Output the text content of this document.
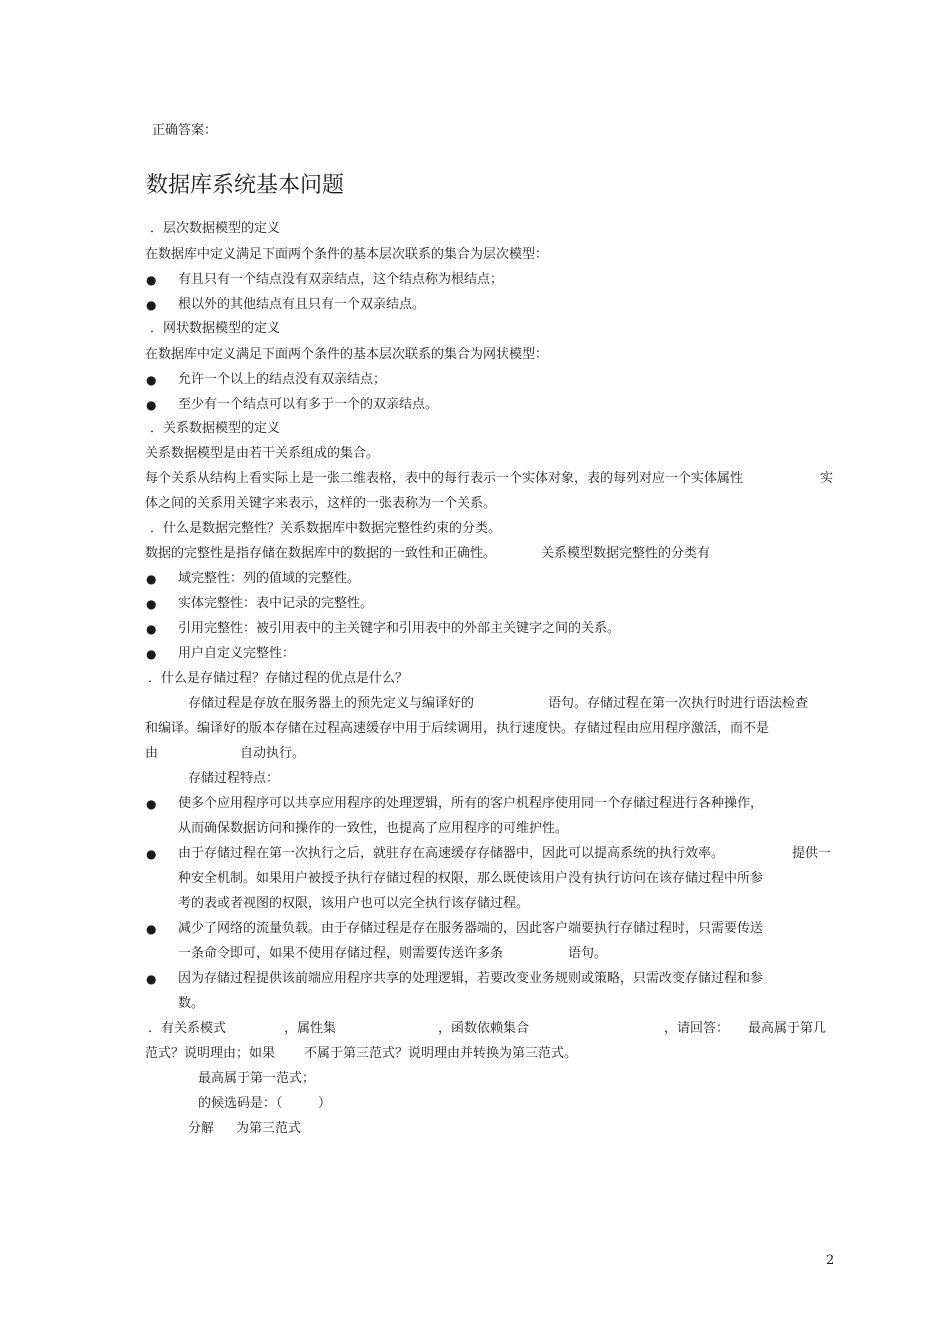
正确答案：
数据库系统基本问题
．层次数据模型的定义
在数据库中定义满足下面两个条件的基本层次联系的集合为层次模型：
● 有且只有一个结点没有双亲结点，这个结点称为根结点；
● 根以外的其他结点有且只有一个双亲结点。
．网状数据模型的定义
在数据库中定义满足下面两个条件的基本层次联系的集合为网状模型：
● 允许一个以上的结点没有双亲结点；
● 至少有一个结点可以有多于一个的双亲结点。
．关系数据模型的定义
关系数据模型是由若干关系组成的集合。
每个关系从结构上看实际上是一张二维表格，表中的每行表示一个实体对象，表的每列对应一个实体属性	实
体之间的关系用关键字来表示，这样的一张表称为一个关系。
．什么是数据完整性？关系数据库中数据完整性约束的分类。
数据的完整性是指存储在数据库中的数据的一致性和正确性。	关系模型数据完整性的分类有
● 域完整性：列的值域的完整性。
● 实体完整性：表中记录的完整性。
● 引用完整性：被引用表中的主关键字和引用表中的外部主关键字之间的关系。
● 用户自定义完整性：
．什么是存储过程？存储过程的优点是什么？
存储过程是存放在服务器上的预先定义与编译好的	语句。存储过程在第一次执行时进行语法检查
和编译。编译好的版本存储在过程高速缓存中用于后续调用，执行速度快。存储过程由应用程序激活，而不是
由	自动执行。
存储过程特点：
● 使多个应用程序可以共享应用程序的处理逻辑，所有的客户机程序使用同一个存储过程进行各种操作，
从而确保数据访问和操作的一致性，也提高了应用程序的可维护性。
● 由于存储过程在第一次执行之后，就驻存在高速缓存存储器中，因此可以提高系统的执行效率。	提供一
种安全机制。如果用户被授予执行存储过程的权限，那么既使该用户没有执行访问在该存储过程中所参
考的表或者视图的权限，该用户也可以完全执行该存储过程。
● 减少了网络的流量负载。由于存储过程是存在服务器端的，因此客户端要执行存储过程时，只需要传送
一条命令即可，如果不使用存储过程，则需要传送许多条	语句。
● 因为存储过程提供该前端应用程序共享的处理逻辑，若要改变业务规则或策略，只需改变存储过程和参
数。
．有关系模式	，属性集	，函数依赖集合	，请回答： 最高属于第几
范式？说明理由；如果 不属于第三范式？说明理由并转换为第三范式。
最高属于第一范式；
的候选码是：（	）
分解 为第三范式
2
